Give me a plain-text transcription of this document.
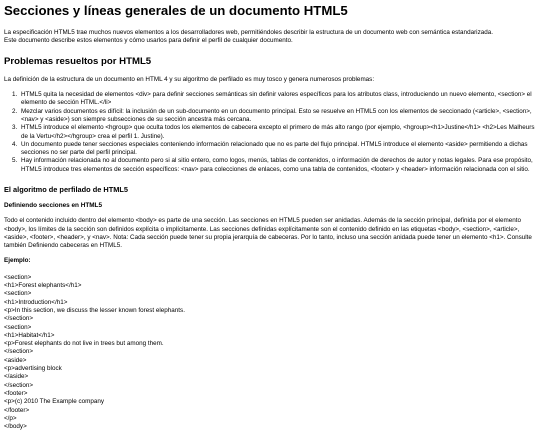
Secciones y líneas generales de un documento HTML5

La especificación HTML5 trae muchos nuevos elementos a los desarrolladores web, permitiéndoles describir la estructura de un documento web con semántica estandarizada.

Este documento describe estos elementos y cómo usarlos para definir el perfil de cualquier documento.

Problemas resueltos por HTML5

La definición de la estructura de un documento en HTML 4 y su algoritmo de perfilado es muy tosco y genera numerosos problemas:

1. HTML5 quita la necesidad de elementos <div> para definir secciones semánticas sin definir valores específicos para los atributos class, introduciendo un nuevo elemento, <section> el elemento de sección HTML.</li>
2. Mezclar varios documentos es difícil: la inclusión de un sub-documento en un documento principal. Esto se resuelve en HTML5 con los elementos de seccionado (<article>, <section>, <nav> y <aside>) son siempre subsecciones de su sección ancestra más cercana.
3. HTML5 introduce el elemento <hgroup> que oculta todos los elementos de cabecera excepto el primero de más alto rango (por ejemplo, <hgroup><h1>Justine</h1> <h2>Les Malheurs de la Vertu</h2></hgroup> crea el perfil 1. Justine).
4. Un documento puede tener secciones especiales conteniendo información relacionado que no es parte del flujo principal. HTML5 introduce el elemento <aside> permitiendo a dichas secciones no ser parte del perfil principal.
5. Hay información relacionada no al documento pero si al sitio entero, como logos, menús, tablas de contenidos, o información de derechos de autor y notas legales. Para ese propósito, HTML5 introduce tres elementos de sección específicos: <nav> para colecciones de enlaces, como una tabla de contenidos, <footer> y <header> información relacionada con el sitio.
El algoritmo de perfilado de HTML5
Definiendo secciones en HTML5

Todo el contenido incluido dentro del elemento <body> es parte de una sección. Las secciones en HTML5 pueden ser anidadas. Además de la sección principal, definida por el elemento <body>, los límites de la sección son definidos explícita o implícitamente. Las secciones definidas explícitamente son el contenido definido en las etiquetas <body>, <section>, <article>, <aside>, <footer>, <header>, y <nav>. Nota: Cada sección puede tener su propia jerarquía de cabeceras. Por lo tanto, incluso una sección anidada puede tener un elemento <h1>. Consulte también Definiendo cabeceras en HTML5.

Ejemplo:

<section>

<h1>Forest elephants</h1>

<section>

<h1>Introduction</h1>

<p>In this section, we discuss the lesser known forest elephants.

</section>

<section>

<h1>Habitat</h1>

<p>Forest elephants do not live in trees but among them.

</section>

<aside>

<p>advertising block

</aside>

</section>

<footer>

<p>(c) 2010 The Example company

</footer>

</p>

</body>
